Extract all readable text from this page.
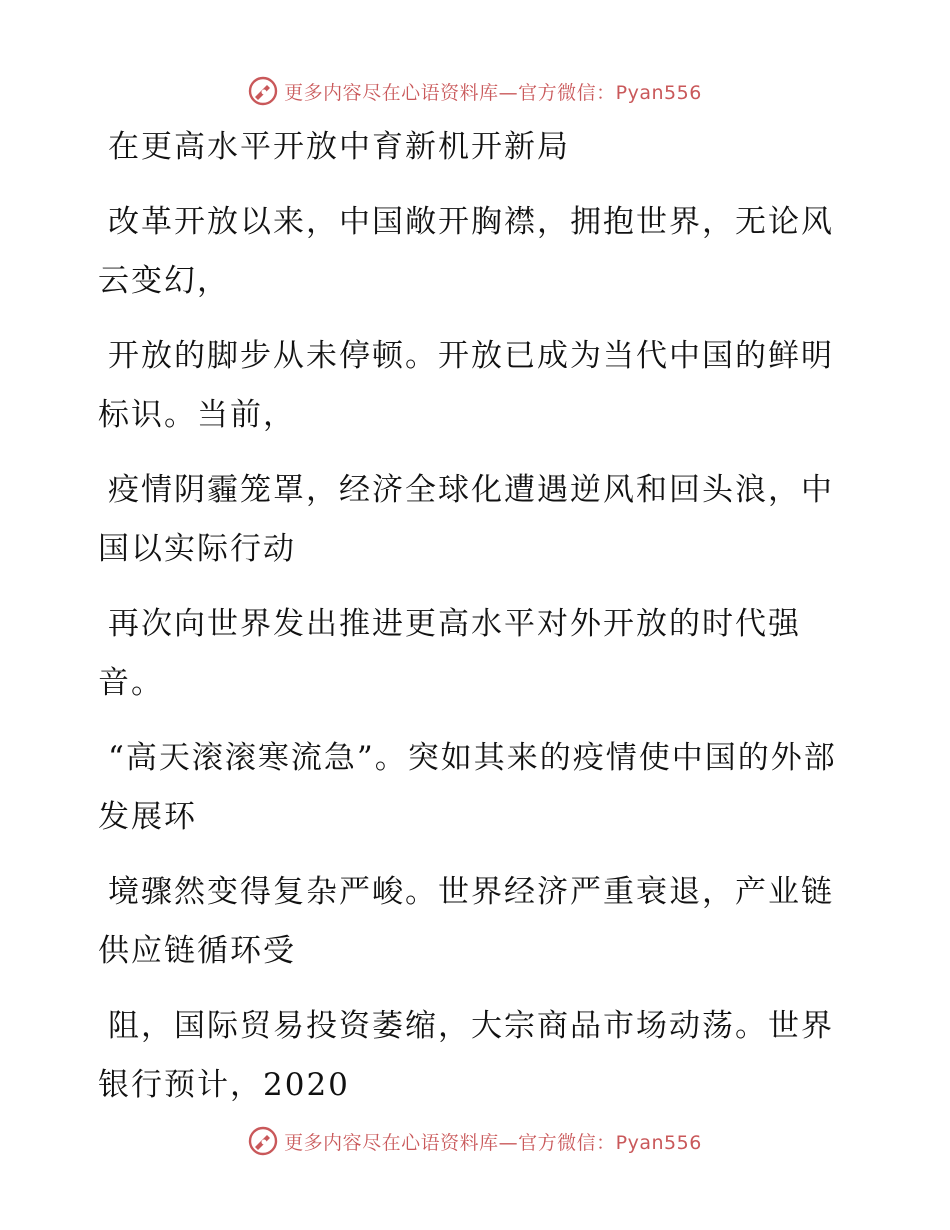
更多内容尽在心语资料库—官方微信：Pyan556

在更高水平开放中育新机开新局

改革开放以来，中国敞开胸襟，拥抱世界，无论风云变幻，

开放的脚步从未停顿。开放已成为当代中国的鲜明标识。当前，

疫情阴霾笼罩，经济全球化遭遇逆风和回头浪，中国以实际行动

再次向世界发出推进更高水平对外开放的时代强音。

“高天滚滚寒流急”。突如其来的疫情使中国的外部发展环

境骤然变得复杂严峻。世界经济严重衰退，产业链供应链循环受

阻，国际贸易投资萎缩，大宗商品市场动荡。世界银行预计，2020

更多内容尽在心语资料库—官方微信：Pyan556
